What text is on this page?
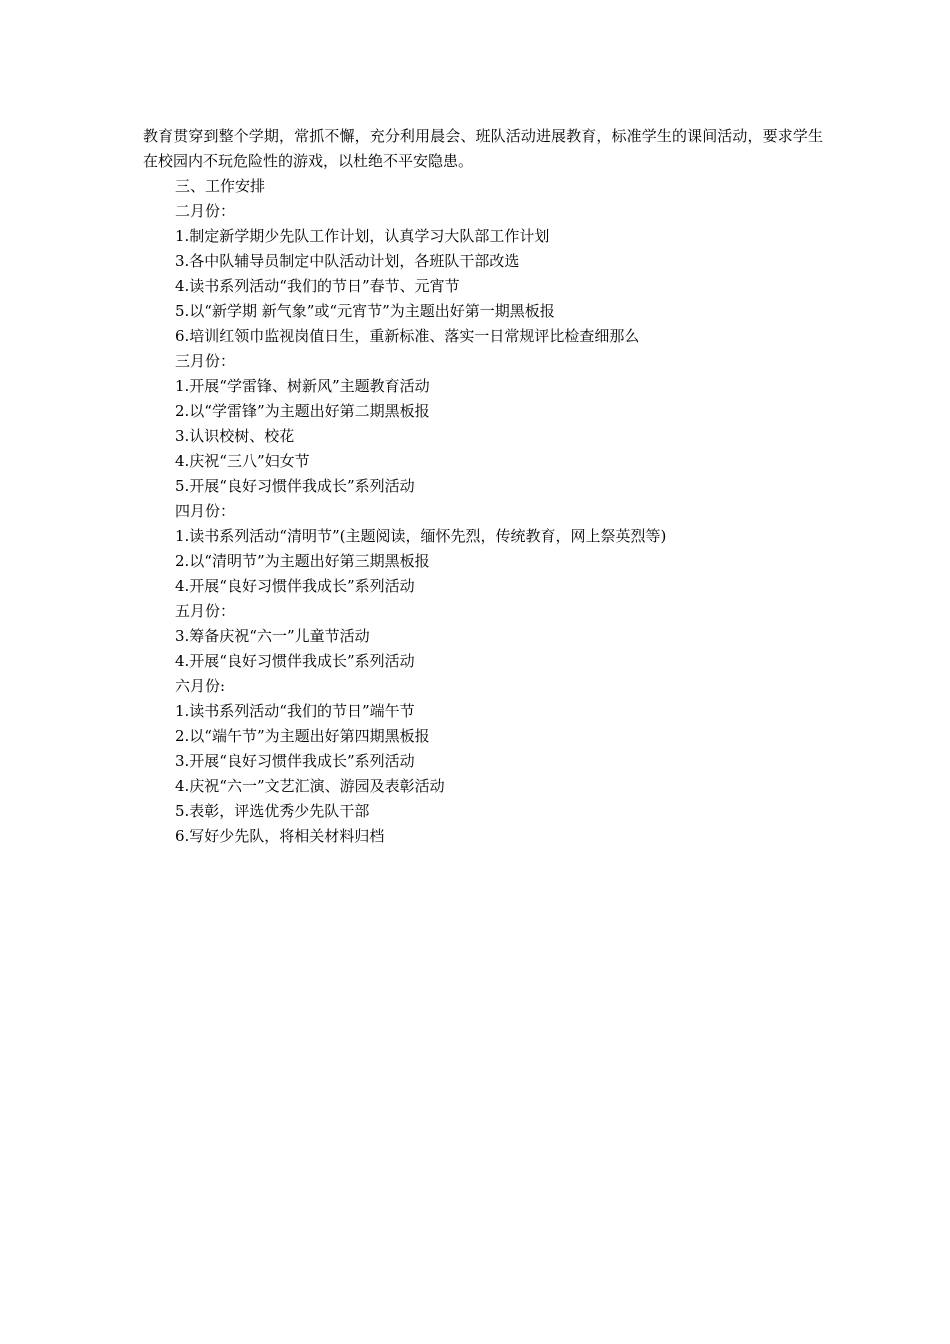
教育贯穿到整个学期，常抓不懈，充分利用晨会、班队活动进展教育，标准学生的课间活动，要求学生在校园内不玩危险性的游戏，以杜绝不平安隐患。

三、工作安排

二月份：

1.制定新学期少先队工作计划，认真学习大队部工作计划

3.各中队辅导员制定中队活动计划，各班队干部改选

4.读书系列活动“我们的节日”春节、元宵节

5.以“新学期 新气象”或“元宵节”为主题出好第一期黑板报

6.培训红领巾监视岗值日生，重新标准、落实一日常规评比检查细那么

三月份：

1.开展“学雷锋、树新风”主题教育活动

2.以“学雷锋”为主题出好第二期黑板报

3.认识校树、校花

4.庆祝“三八”妇女节

5.开展“良好习惯伴我成长”系列活动

四月份：

1.读书系列活动“清明节”(主题阅读，缅怀先烈，传统教育，网上祭英烈等)

2.以“清明节”为主题出好第三期黑板报

4.开展“良好习惯伴我成长”系列活动

五月份：

3.筹备庆祝“六一”儿童节活动

4.开展“良好习惯伴我成长”系列活动

六月份:

1.读书系列活动“我们的节日”端午节

2.以“端午节”为主题出好第四期黑板报

3.开展“良好习惯伴我成长”系列活动

4.庆祝“六一”文艺汇演、游园及表彰活动

5.表彰，评选优秀少先队干部

6.写好少先队，将相关材料归档
